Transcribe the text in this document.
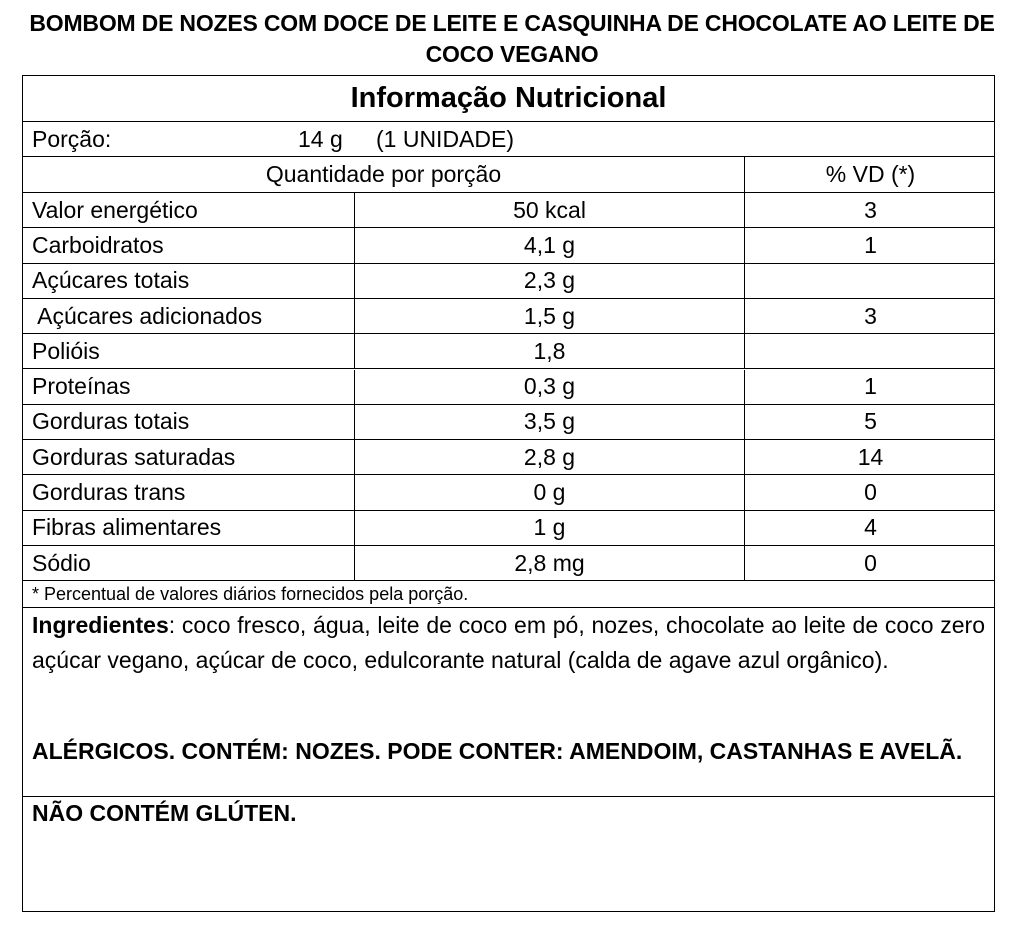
BOMBOM DE NOZES COM DOCE DE LEITE E CASQUINHA DE CHOCOLATE AO LEITE DE COCO VEGANO
Informação Nutricional
Porção:	14 g (1 UNIDADE)
Quantidade por porção	% VD (*)
Valor energético	50 kcal	3
Carboidratos	4,1 g	1
Açúcares totais	2,3 g
Açúcares adicionados	1,5 g	3
Polióis	1,8
Proteínas	0,3 g	1
Gorduras totais	3,5 g	5
Gorduras saturadas	2,8 g	14
Gorduras trans	0 g	0
Fibras alimentares	1 g	4
Sódio	2,8 mg	0
* Percentual de valores diários fornecidos pela porção.
Ingredientes: coco fresco, água, leite de coco em pó, nozes, chocolate ao leite de coco zero açúcar vegano, açúcar de coco, edulcorante natural (calda de agave azul orgânico).
ALÉRGICOS. CONTÉM: NOZES. PODE CONTER: AMENDOIM, CASTANHAS E AVELÃ.
NÃO CONTÉM GLÚTEN.
